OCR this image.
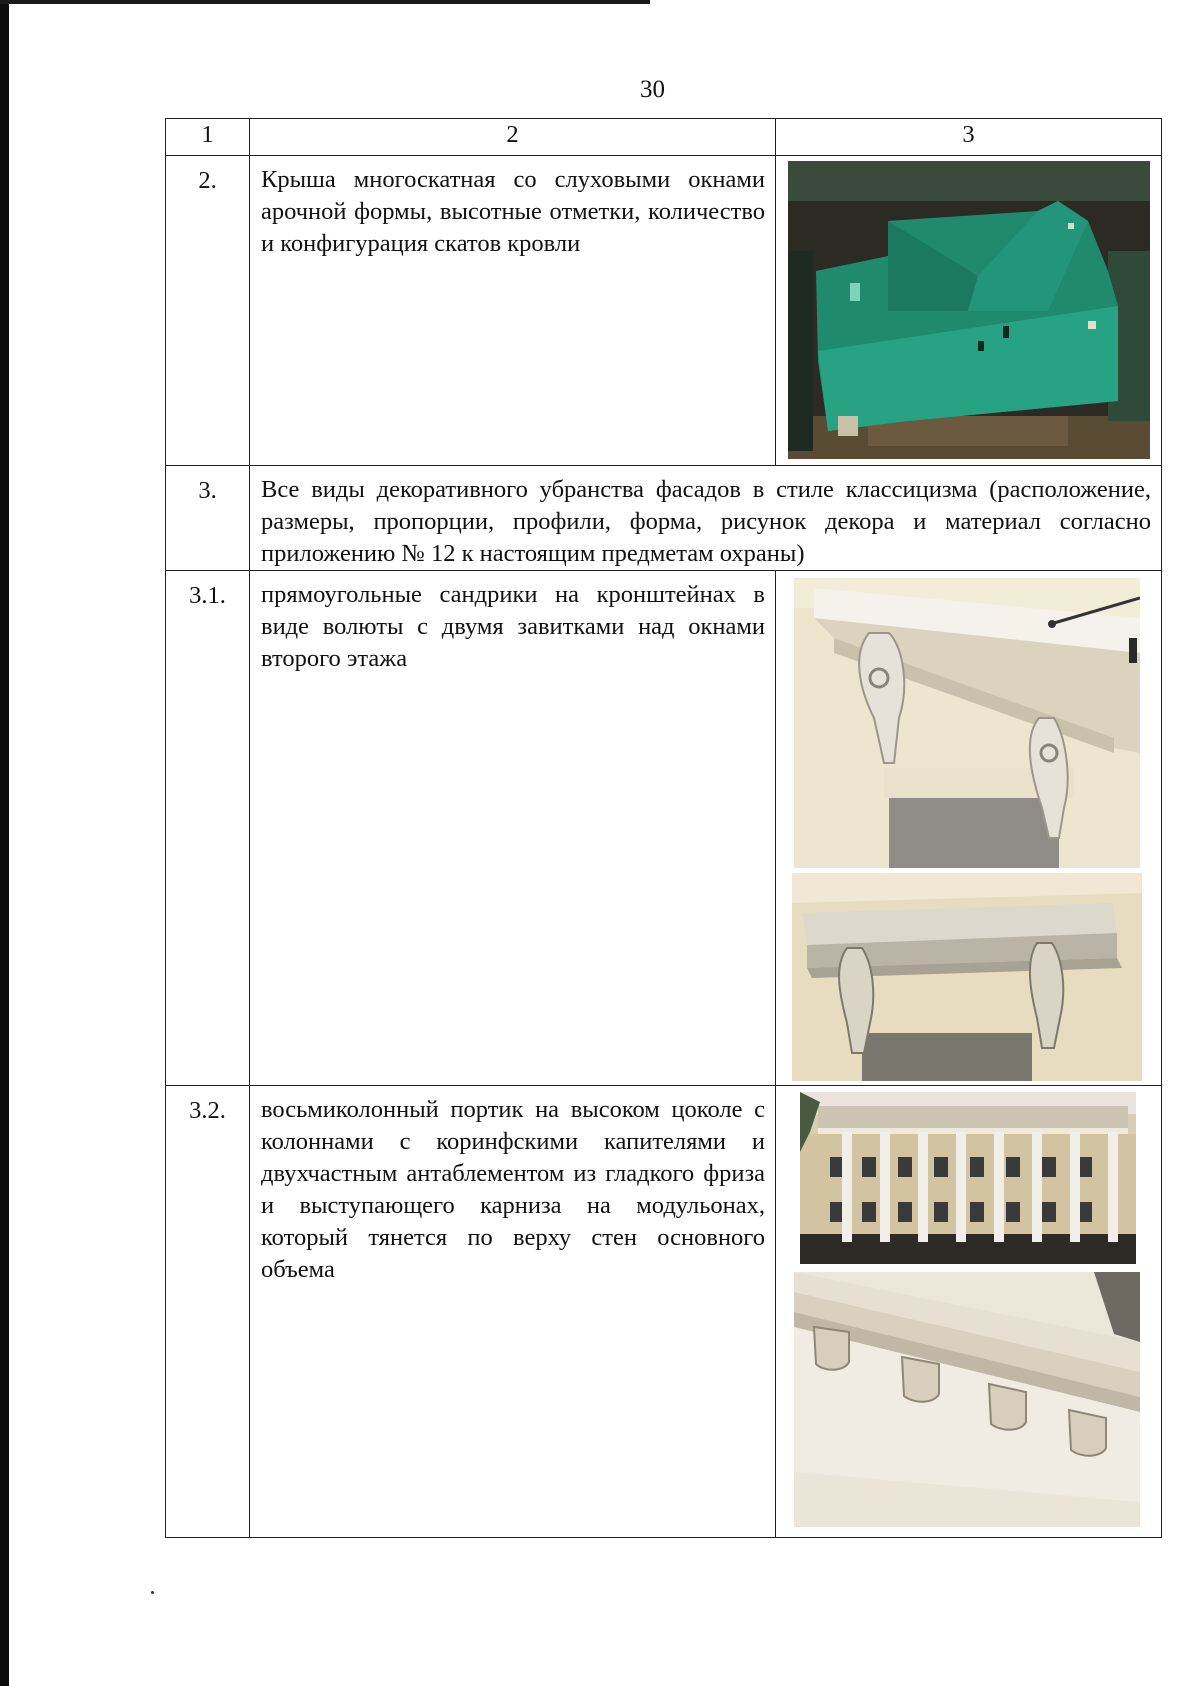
30
1	2	3
2.	Крыша многоскатная со слуховыми окнами арочной формы, высотные отметки, количество и конфигурация скатов кровли

3.	Все виды декоративного убранства фасадов в стиле классицизма (расположение, размеры, пропорции, профили, форма, рисунок декора и материал согласно приложению № 12 к настоящим предметам охраны)	

3.1.	прямоугольные сандрики на кронштейнах в виде волюты с двумя завитками над окнами второго этажа

3.2.	восьмиколонный портик на высоком цоколе с колоннами с коринфскими капителями и двухчастным антаблементом из гладкого фриза и выступающего карниза на модульонах, который тянется по верху стен основного объема
